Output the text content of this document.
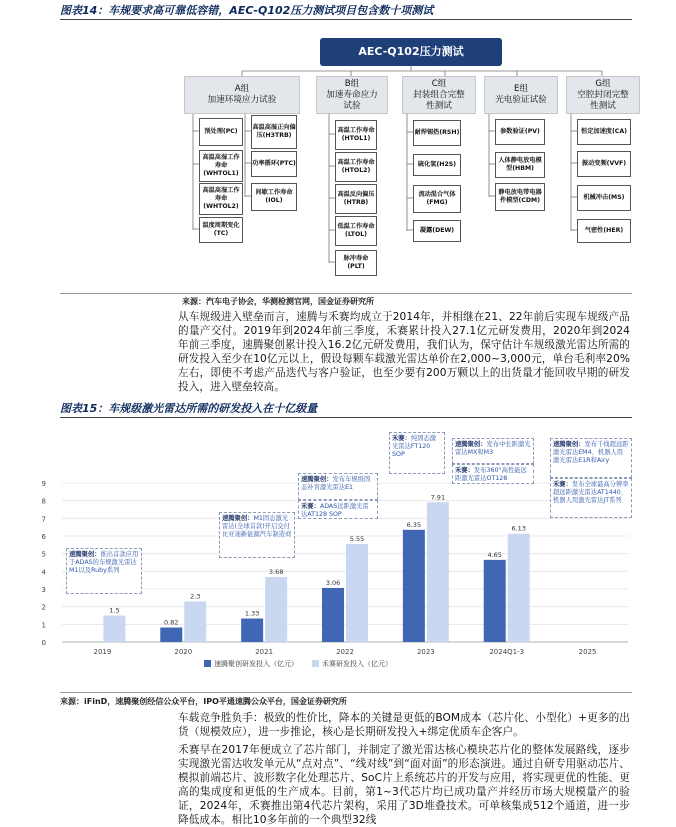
图表14：车规要求高可靠低容错，AEC-Q102压力测试项目包含数十项测试
AEC-Q102压力测试
A组
加速环境应力试验
B组
加速寿命应力
试验
C组
封装组合完整
性测试
E组
光电验证试验
G组
空腔封闭完整
性测试
预处理(PC)
高温高湿正向偏压(H3TRB)
高温高湿工作寿命(WHTOL1)
功率循环(PTC)
高温高湿工作寿命(WHTOL2)
间歇工作寿命(IOL)
温度周期变化(TC)
高温工作寿命(HTOL1)
高温工作寿命(HTOL2)
高温反向偏压(HTRB)
低温工作寿命(LTOL)
脉冲寿命(PLT)
耐焊锡热(RSH)
硫化氢(H2S)
流动混合气体(FMG)
凝露(DEW)
参数验证(PV)
人体静电放电模型(HBM)
静电放电带电器件模型(CDM)
恒定加速度(CA)
振动变频(VVF)
机械冲击(MS)
气密性(HER)
来源：汽车电子协会，华测检测官网，国金证券研究所

从车规级进入壁垒而言，速腾与禾赛均成立于2014年，并相继在21、22年前后实现车规级产品的量产交付。2019年到2024年前三季度，禾赛累计投入27.1亿元研发费用，2020年到2024年前三季度，速腾聚创累计投入16.2亿元研发费用，我们认为，保守估计车规级激光雷达所需的研发投入至少在10亿元以上，假设每颗车载激光雷达单价在2,000~3,000元，单台毛利率20%左右，即使不考虑产品迭代与客户验证，也至少要有200万颗以上的出货量才能回收早期的研发投入，进入壁垒较高。

图表15：车规级激光雷达所需的研发投入在十亿级量
0
1
2
3
4
5
6
7
8
9
2019
1.5
2020
0.82
2.3
2021
1.33
3.68
2022
3.06
5.55
2023
6.35
7.91
2024Q1-3
4.65
6.13
2025
速腾聚创研发投入（亿元）	禾赛研发投入（亿元）
速腾聚创：推出首款应用于ADAS的车规激光雷达M1以及Ruby系列
速腾聚创：M1固态激光雷达(全球首款)开启交付比亚迪新能源汽车制造商
速腾聚创：发布车规级固态补盲激光雷达E1
禾赛：ADAS远距激光雷达AT128 SOP
禾赛：纯固态激光雷达FT120 SOP
速腾聚创：发布中长距激光雷达MX和M3
禾赛：发布360°高性能远距激光雷达OT128
速腾聚创：发布千线超远距激光雷达EM4、机器人用激光雷达E1R和Airy
禾赛：发布全球最高分辨率超远距激光雷达AT1440、机器人用激光雷达JT系列
来源：iFinD，速腾聚创经信公众平台，IPO平通速腾公众平台，国金证券研究所

车载竞争胜负手：极致的性价比，降本的关键是更低的BOM成本（芯片化、小型化）+更多的出货（规模效应），进一步推论，核心是长期研发投入+绑定优质车企客户。

禾赛早在2017年便成立了芯片部门，并制定了激光雷达核心模块芯片化的整体发展路线，逐步实现激光雷达收发单元从“点对点”、“线对线”到“面对面”的形态演进。通过自研专用驱动芯片、模拟前端芯片、波形数字化处理芯片、SoC片上系统芯片的开发与应用，将实现更优的性能、更高的集成度和更低的生产成本。目前，第1~3代芯片均已成功量产并经历市场大规模量产的验证，2024年，禾赛推出第4代芯片架构，采用了3D堆叠技术。可单核集成512个通道，进一步降低成本。相比10多年前的一个典型32线
